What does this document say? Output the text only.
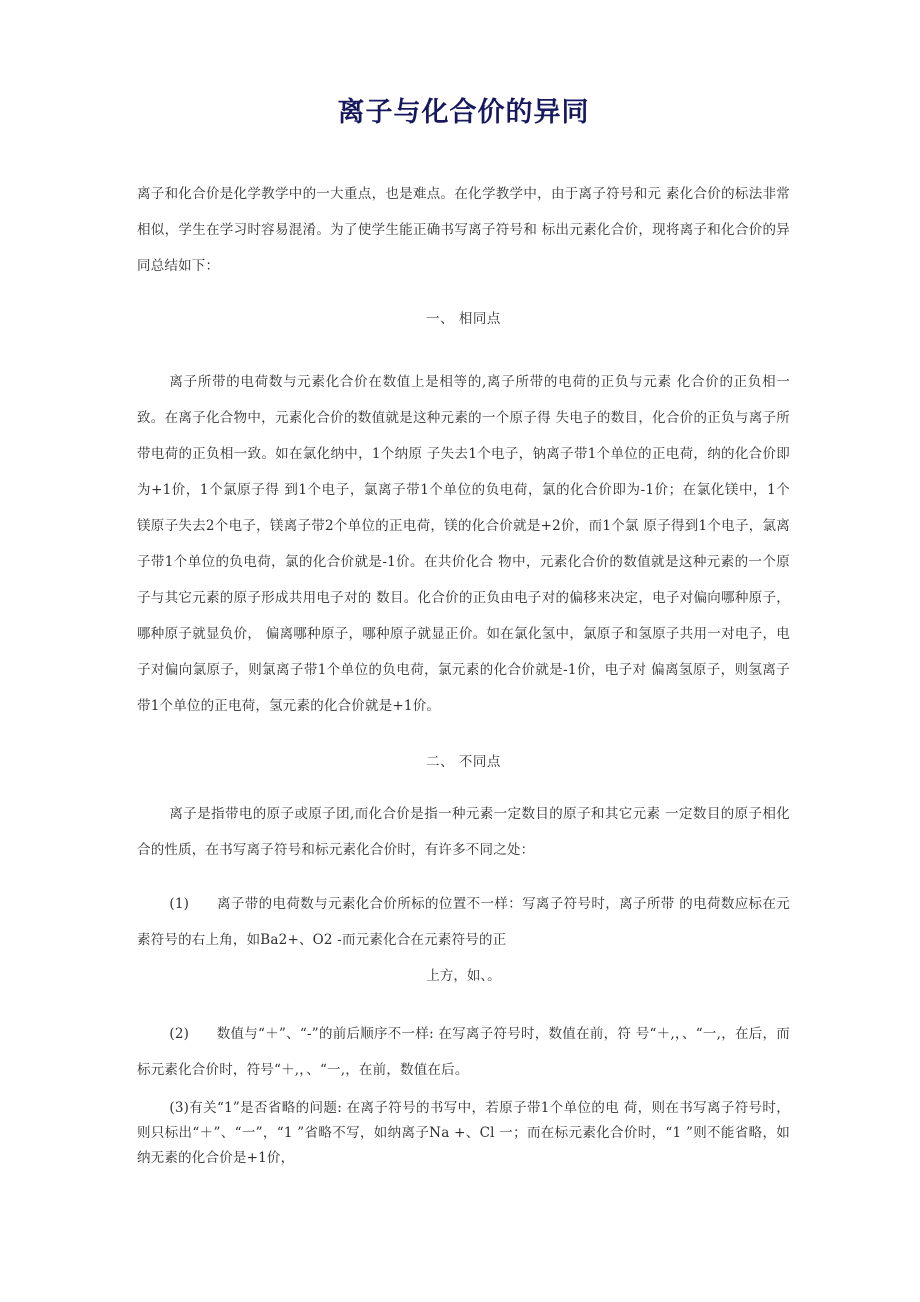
离子与化合价的异同

离子和化合价是化学教学中的一大重点，也是难点。在化学教学中，由于离子符号和元 素化合价的标法非常相似，学生在学习时容易混淆。为了使学生能正确书写离子符号和 标出元素化合价，现将离子和化合价的异同总结如下：

一、 相同点

离子所带的电荷数与元素化合价在数值上是相等的,离子所带的电荷的正负与元素 化合价的正负相一致。在离子化合物中，元素化合价的数值就是这种元素的一个原子得 失电子的数目，化合价的正负与离子所带电荷的正负相一致。如在氯化纳中，1个纳原 子失去1个电子，钠离子带1个单位的正电荷，纳的化合价即为+1价，1个氯原子得 到1个电子，氯离子带1个单位的负电荷，氯的化合价即为-1价；在氯化镁中，1个 镁原子失去2个电子，镁离子带2个单位的正电荷，镁的化合价就是+2价，而1个氯 原子得到1个电子，氯离子带1个单位的负电荷，氯的化合价就是-1价。在共价化合 物中，元素化合价的数值就是这种元素的一个原子与其它元素的原子形成共用电子对的 数目。化合价的正负由电子对的偏移来决定，电子对偏向哪种原子，哪种原子就显负价， 偏离哪种原子，哪种原子就显正价。如在氯化氢中，氯原子和氢原子共用一对电子，电 子对偏向氯原子，则氯离子带1个单位的负电荷，氯元素的化合价就是-1价，电子对 偏离氢原子，则氢离子带1个单位的正电荷，氢元素的化合价就是+1价。

二、 不同点

离子是指带电的原子或原子团,而化合价是指一种元素一定数目的原子和其它元素 一定数目的原子相化合的性质，在书写离子符号和标元素化合价时，有许多不同之处：

(1)　　 离子带的电荷数与元素化合价所标的位置不一样：写离子符号时，离子所带 的电荷数应标在元素符号的右上角，如Ba2+、O2 -而元素化合在元素符号的正

上方，如、。

(2)　　 数值与“＋”、“-”的前后顺序不一样: 在写离子符号时，数值在前，符 号“＋,，、“一,，在后，而标元素化合价时，符号“＋,，、“一,，在前，数值在后。

(3)有关“1”是否省略的问题: 在离子符号的书写中，若原子带1个单位的电 荷，则在书写离子符号时，则只标出“＋”、“一”，“1 ”省略不写，如纳离子Na +、Cl 一；而在标元素化合价时，“1 ”则不能省略，如纳无素的化合价是+1价，
